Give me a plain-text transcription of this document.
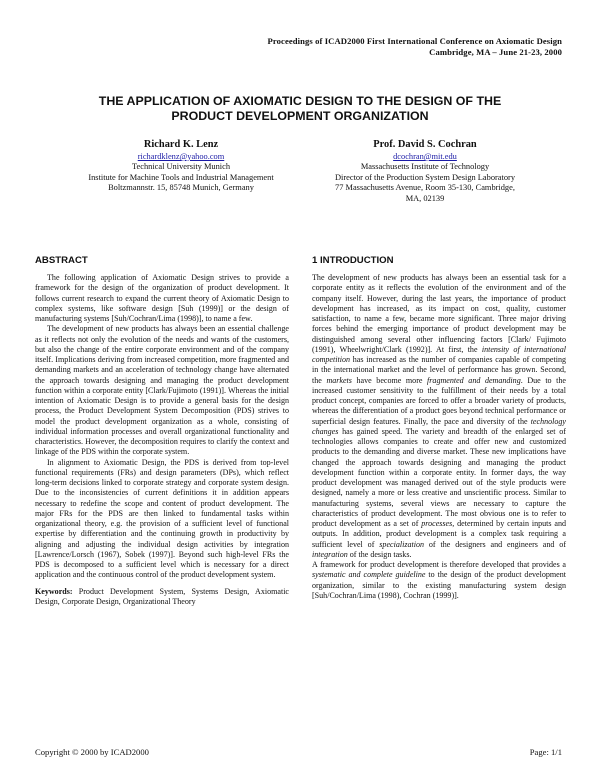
Proceedings of ICAD2000 First International Conference on Axiomatic Design
Cambridge, MA – June 21-23, 2000
THE APPLICATION OF AXIOMATIC DESIGN TO THE DESIGN OF THE
PRODUCT DEVELOPMENT ORGANIZATION
Richard K. Lenz
richardklenz@yahoo.com
Technical University Munich
Institute for Machine Tools and Industrial Management
Boltzmannstr. 15, 85748 Munich, Germany
Prof. David S. Cochran
dcochran@mit.edu
Massachusetts Institute of Technology
Director of the Production System Design Laboratory
77 Massachusetts Avenue, Room 35-130, Cambridge,
MA, 02139
ABSTRACT

The following application of Axiomatic Design strives to provide a framework for the design of the organization of product development. It follows current research to expand the current theory of Axiomatic Design to complex systems, like software design [Suh (1999)] or the design of manufacturing systems [Suh/Cochran/Lima (1998)], to name a few.

The development of new products has always been an essential challenge as it reflects not only the evolution of the needs and wants of the customers, but also the change of the entire corporate environment and of the company itself. Implications deriving from increased competition, more fragmented and demanding markets and an acceleration of technology change have alternated the approach towards designing and managing the product development function within a corporate entity [Clark/Fujimoto (1991)]. Whereas the initial intention of Axiomatic Design is to provide a general basis for the design process, the Product Development System Decomposition (PDS) strives to model the product development organization as a whole, consisting of individual information processes and overall organizational functionality and characteristics. However, the decomposition requires to clarify the context and linkage of the PDS within the corporate system.

In alignment to Axiomatic Design, the PDS is derived from top-level functional requirements (FRs) and design parameters (DPs), which reflect long-term decisions linked to corporate strategy and corporate system design. Due to the inconsistencies of current definitions it in addition appears necessary to redefine the scope and content of product development. The major FRs for the PDS are then linked to fundamental tasks within organizational theory, e.g. the provision of a sufficient level of functional expertise by differentiation and the continuing growth in productivity by aligning and adjusting the individual design activities by integration [Lawrence/Lorsch (1967), Sobek (1997)]. Beyond such high-level FRs the PDS is decomposed to a sufficient level which is necessary for a direct application and the continuous control of the product development system.

Keywords: Product Development System, Systems Design, Axiomatic Design, Corporate Design, Organizational Theory

1 INTRODUCTION

The development of new products has always been an essential task for a corporate entity as it reflects the evolution of the environment and of the company itself. However, during the last years, the importance of product development has increased, as its impact on cost, quality, customer satisfaction, to name a few, became more significant. Three major driving forces behind the emerging importance of product development may be distinguished among several other influencing factors [Clark/ Fujimoto (1991), Wheelwright/Clark (1992)]. At first, the intensity of international competition has increased as the number of companies capable of competing in the international market and the level of performance has grown. Second, the markets have become more fragmented and demanding. Due to the increased customer sensitivity to the fulfillment of their needs by a total product concept, companies are forced to offer a broader variety of products, whereas the differentiation of a product goes beyond technical performance or superficial design features. Finally, the pace and diversity of the technology changes has gained speed. The variety and breadth of the enlarged set of technologies allows companies to create and offer new and customized products to the demanding and diverse market. These new implications have changed the approach towards designing and managing the product development function within a corporate entity. In former days, the way product development was managed derived out of the style products were designed, namely a more or less creative and unscientific process. Similar to manufacturing systems, several views are necessary to capture the characteristics of product development. The most obvious one is to refer to product development as a set of processes, determined by certain inputs and outputs. In addition, product development is a complex task requiring a sufficient level of specialization of the designers and engineers and of integration of the design tasks.

A framework for product development is therefore developed that provides a systematic and complete guideline to the design of the product development organization, similar to the existing manufacturing system design [Suh/Cochran/Lima (1998), Cochran (1999)].

Copyright © 2000 by ICAD2000	Page: 1/1
